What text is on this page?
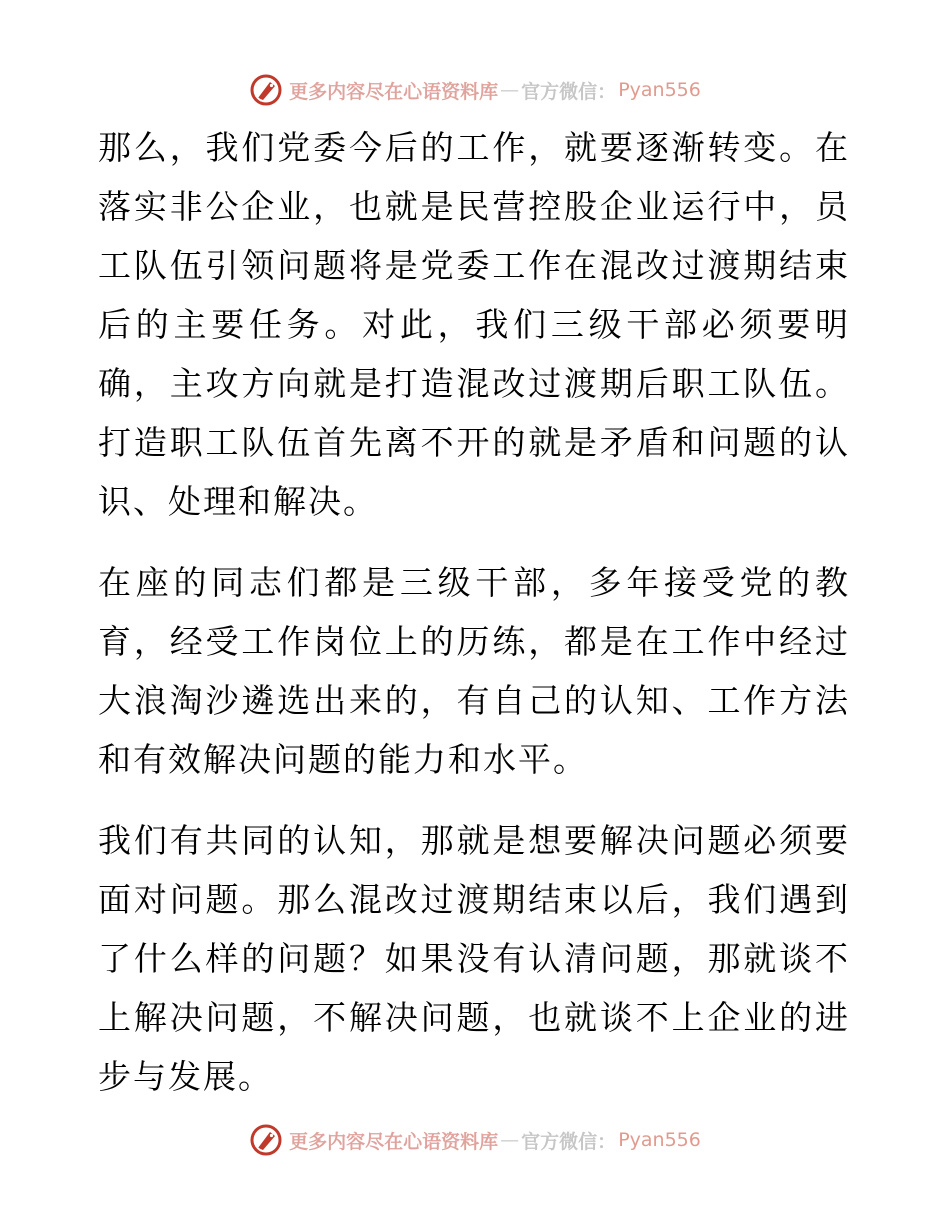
更多内容尽在心语资料库 — 官方微信： Pyan556

那么，我们党委今后的工作，就要逐渐转变。在落实非公企业，也就是民营控股企业运行中，员工队伍引领问题将是党委工作在混改过渡期结束后的主要任务。对此，我们三级干部必须要明确，主攻方向就是打造混改过渡期后职工队伍。打造职工队伍首先离不开的就是矛盾和问题的认识、处理和解决。

在座的同志们都是三级干部，多年接受党的教育，经受工作岗位上的历练，都是在工作中经过大浪淘沙遴选出来的，有自己的认知、工作方法和有效解决问题的能力和水平。

我们有共同的认知，那就是想要解决问题必须要面对问题。那么混改过渡期结束以后，我们遇到了什么样的问题？如果没有认清问题，那就谈不上解决问题，不解决问题，也就谈不上企业的进步与发展。

更多内容尽在心语资料库 — 官方微信： Pyan556
